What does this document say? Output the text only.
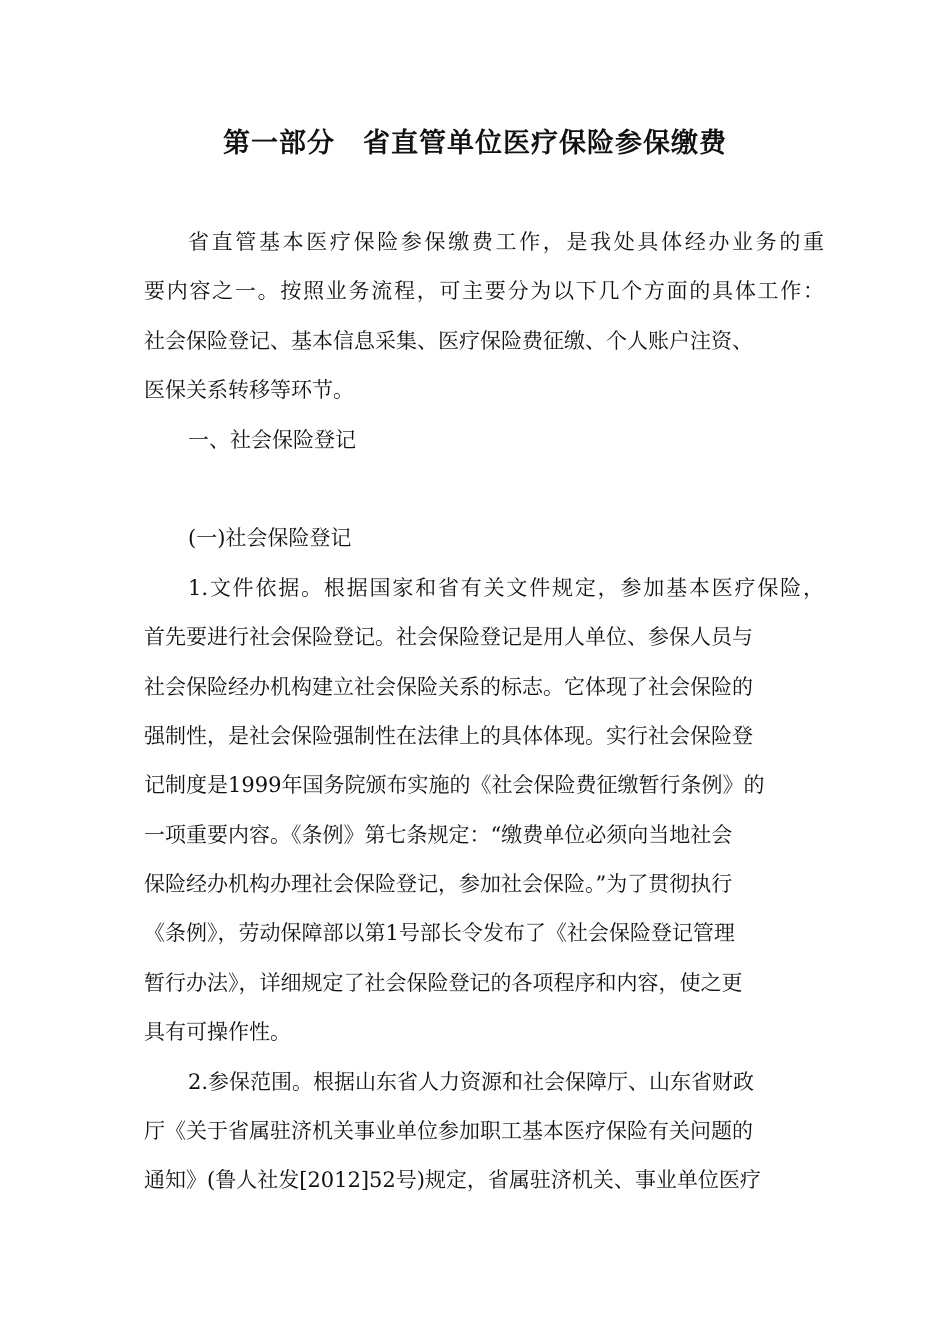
第一部分　省直管单位医疗保险参保缴费
省直管基本医疗保险参保缴费工作，是我处具体经办业务的重
要内容之一。按照业务流程，可主要分为以下几个方面的具体工作：
社会保险登记、基本信息采集、医疗保险费征缴、个人账户注资、
医保关系转移等环节。
一、社会保险登记
(一)社会保险登记
1.文件依据。根据国家和省有关文件规定，参加基本医疗保险，
首先要进行社会保险登记。社会保险登记是用人单位、参保人员与
社会保险经办机构建立社会保险关系的标志。它体现了社会保险的
强制性，是社会保险强制性在法律上的具体体现。实行社会保险登
记制度是1999年国务院颁布实施的《社会保险费征缴暂行条例》的
一项重要内容。《条例》第七条规定：“缴费单位必须向当地社会
保险经办机构办理社会保险登记，参加社会保险。”为了贯彻执行
《条例》，劳动保障部以第1号部长令发布了《社会保险登记管理
暂行办法》，详细规定了社会保险登记的各项程序和内容，使之更
具有可操作性。
2.参保范围。根据山东省人力资源和社会保障厅、山东省财政
厅《关于省属驻济机关事业单位参加职工基本医疗保险有关问题的
通知》(鲁人社发[2012]52号)规定，省属驻济机关、事业单位医疗
